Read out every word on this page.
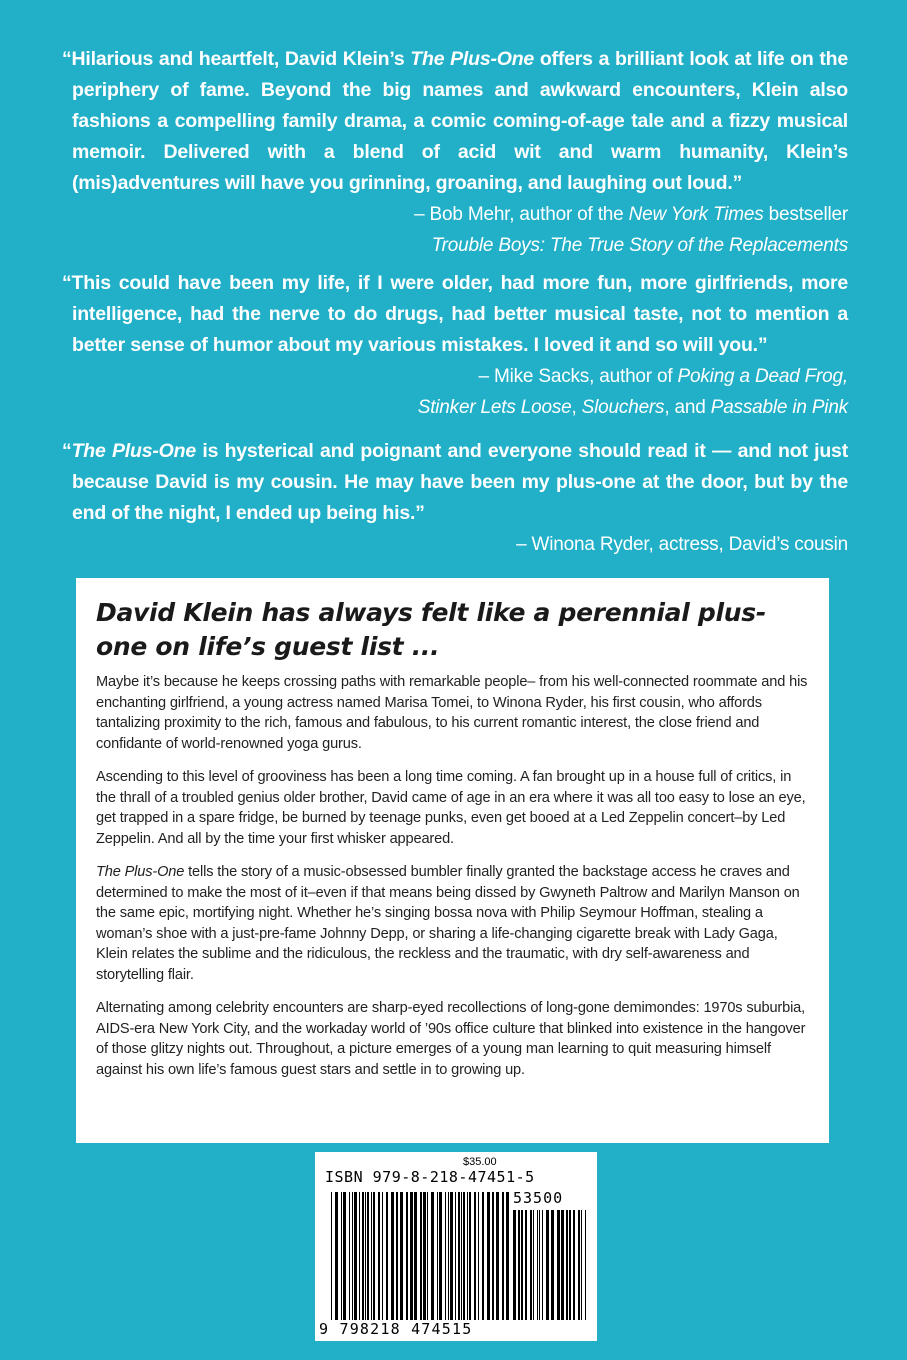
“Hilarious and heartfelt, David Klein’s The Plus-One offers a brilliant look at life on the periphery of fame. Beyond the big names and awkward encounters, Klein also fashions a compelling family drama, a comic coming-of-age tale and a fizzy musical memoir. Delivered with a blend of acid wit and warm humanity, Klein’s (mis)adventures will have you grinning, groaning, and laughing out loud.”
– Bob Mehr, author of the New York Times bestseller
Trouble Boys: The True Story of the Replacements
“This could have been my life, if I were older, had more fun, more girlfriends, more intelligence, had the nerve to do drugs, had better musical taste, not to mention a better sense of humor about my various mistakes. I loved it and so will you.”
– Mike Sacks, author of Poking a Dead Frog,
Stinker Lets Loose, Slouchers, and Passable in Pink
“The Plus-One is hysterical and poignant and everyone should read it — and not just because David is my cousin. He may have been my plus-one at the door, but by the end of the night, I ended up being his.”
– Winona Ryder, actress, David’s cousin
David Klein has always felt like a perennial plus-one on life’s guest list ...

Maybe it’s because he keeps crossing paths with remarkable people– from his well-connected roommate and his enchanting girlfriend, a young actress named Marisa Tomei, to Winona Ryder, his first cousin, who affords tantalizing proximity to the rich, famous and fabulous, to his current romantic interest, the close friend and confidante of world-renowned yoga gurus.

Ascending to this level of grooviness has been a long time coming. A fan brought up in a house full of critics, in the thrall of a troubled genius older brother, David came of age in an era where it was all too easy to lose an eye, get trapped in a spare fridge, be burned by teenage punks, even get booed at a Led Zeppelin concert–by Led Zeppelin. And all by the time your first whisker appeared.

The Plus-One tells the story of a music-obsessed bumbler finally granted the backstage access he craves and determined to make the most of it–even if that means being dissed by Gwyneth Paltrow and Marilyn Manson on the same epic, mortifying night. Whether he’s singing bossa nova with Philip Seymour Hoffman, stealing a woman’s shoe with a just-pre-fame Johnny Depp, or sharing a life-changing cigarette break with Lady Gaga, Klein relates the sublime and the ridiculous, the reckless and the traumatic, with dry self-awareness and storytelling flair.

Alternating among celebrity encounters are sharp-eyed recollections of long-gone demimondes: 1970s suburbia, AIDS-era New York City, and the workaday world of ’90s office culture that blinked into existence in the hangover of those glitzy nights out. Throughout, a picture emerges of a young man learning to quit measuring himself against his own life’s famous guest stars and settle in to growing up.

$35.00
ISBN 979-8-218-47451-5
53500
9 798218 474515
